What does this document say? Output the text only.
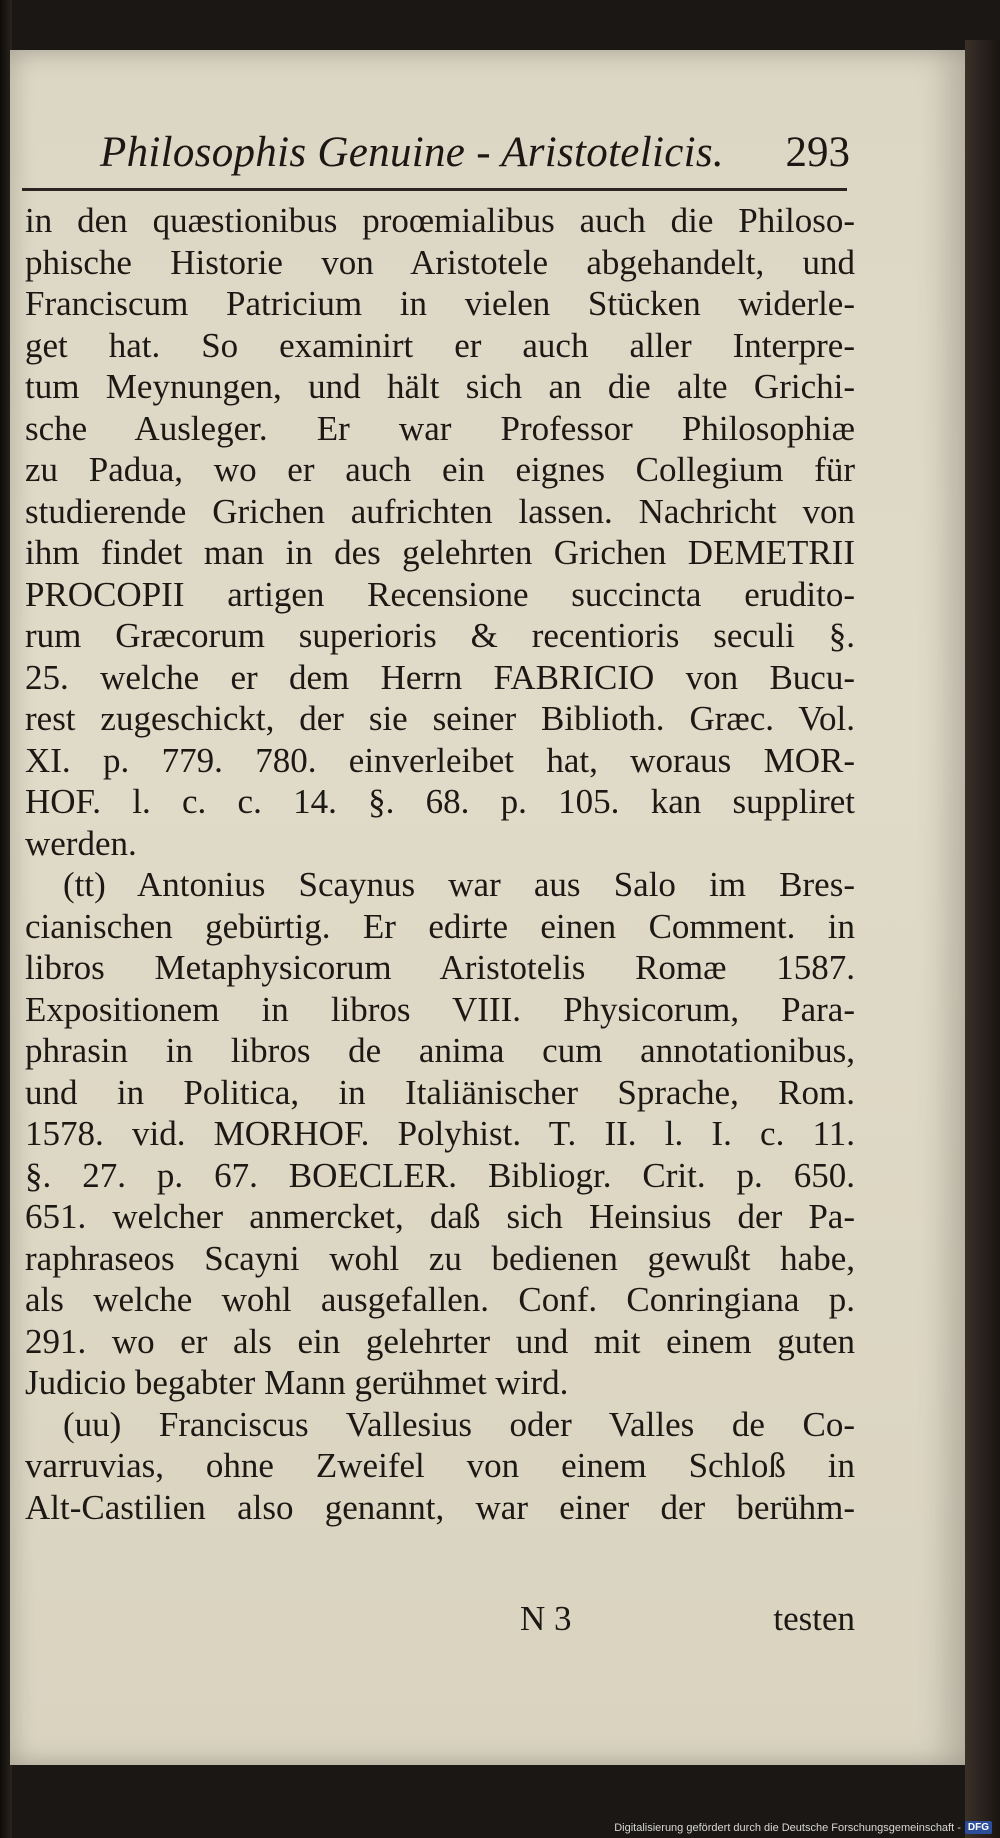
Philosophis Genuine - Aristotelicis. 293
in den quæstionibus proœmialibus auch die Philoso-
phische Historie von Aristotele abgehandelt, und
Franciscum Patricium in vielen Stücken widerle-
get hat. So examinirt er auch aller Interpre-
tum Meynungen, und hält sich an die alte Grichi-
sche Ausleger. Er war Professor Philosophiæ
zu Padua, wo er auch ein eignes Collegium für
studierende Grichen aufrichten lassen. Nachricht von
ihm findet man in des gelehrten Grichen DEMETRII
PROCOPII artigen Recensione succincta erudito-
rum Græcorum superioris & recentioris seculi §.
25. welche er dem Herrn FABRICIO von Bucu-
rest zugeschickt, der sie seiner Biblioth. Græc. Vol.
XI. p. 779. 780. einverleibet hat, woraus MOR-
HOF. l. c. c. 14. §. 68. p. 105. kan suppliret
werden.
(tt) Antonius Scaynus war aus Salo im Bres-
cianischen gebürtig. Er edirte einen Comment. in
libros Metaphysicorum Aristotelis Romæ 1587.
Expositionem in libros VIII. Physicorum, Para-
phrasin in libros de anima cum annotationibus,
und in Politica, in Italiänischer Sprache, Rom.
1578. vid. MORHOF. Polyhist. T. II. l. I. c. 11.
§. 27. p. 67. BOECLER. Bibliogr. Crit. p. 650.
651. welcher anmercket, daß sich Heinsius der Pa-
raphraseos Scayni wohl zu bedienen gewußt habe,
als welche wohl ausgefallen. Conf. Conringiana p.
291. wo er als ein gelehrter und mit einem guten
Judicio begabter Mann gerühmet wird.
(uu) Franciscus Vallesius oder Valles de Co-
varruvias, ohne Zweifel von einem Schloß in
Alt-Castilien also genannt, war einer der berühm-
N 3	testen
Digitalisierung gefördert durch die Deutsche Forschungsgemeinschaft - DFG
